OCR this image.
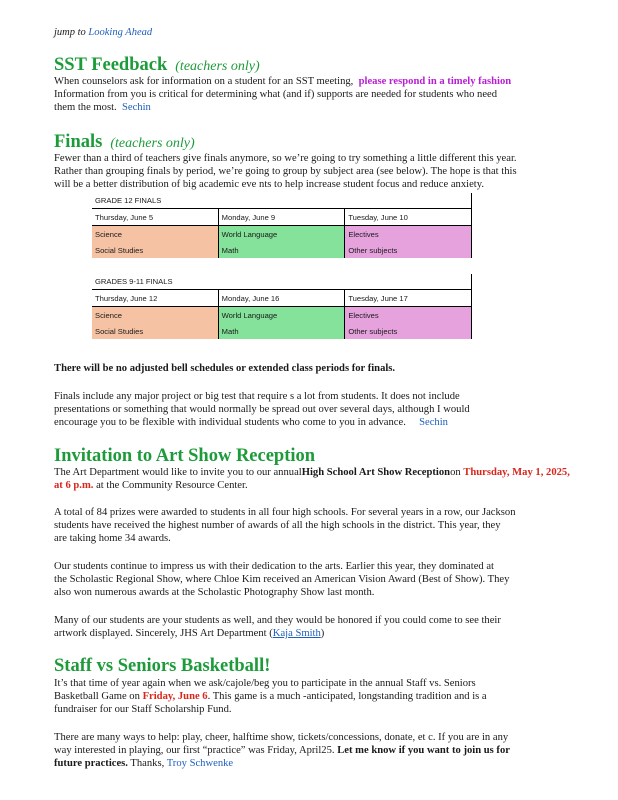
jump to Looking Ahead
SST Feedback (teachers only)

When counselors ask for information on a student for an SST meeting, please respond in a timely fashion

Information from you is critical for determining what (and if) supports are needed for students who need

them the most. Sechin

Finals (teachers only)

Fewer than a third of teachers give finals anymore, so we’re going to try something a little different this year.

Rather than grouping finals by period, we’re going to group by subject area (see below). The hope is that this

will be a better distribution of big academic eve nts to help increase student focus and reduce anxiety.

GRADE 12 FINALS		
Thursday, June 5	Monday, June 9	Tuesday, June 10
Science	World Language	Electives
Social Studies	Math	Other subjects
GRADES 9-11 FINALS		
Thursday, June 12	Monday, June 16	Tuesday, June 17
Science	World Language	Electives
Social Studies	Math	Other subjects
There will be no adjusted bell schedules or extended class periods for finals.

Finals include any major project or big test that require s a lot from students. It does not include

presentations or something that would normally be spread out over several days, although I would

encourage you to be flexible with individual students who come to you in advance. Sechin

Invitation to Art Show Reception

The Art Department would like to invite you to our annualHigh School Art Show Receptionon Thursday, May 1, 2025, at 6 p.m. at the Community Resource Center.

A total of 84 prizes were awarded to students in all four high schools. For several years in a row, our Jackson

students have received the highest number of awards of all the high schools in the district. This year, they

are taking home 34 awards.

Our students continue to impress us with their dedication to the arts. Earlier this year, they dominated at

the Scholastic Regional Show, where Chloe Kim received an American Vision Award (Best of Show). They

also won numerous awards at the Scholastic Photography Show last month.

Many of our students are your students as well, and they would be honored if you could come to see their

artwork displayed. Sincerely, JHS Art Department (Kaja Smith)

Staff vs Seniors Basketball!

It’s that time of year again when we ask/cajole/beg you to participate in the annual Staff vs. Seniors

Basketball Game on Friday, June 6. This game is a much -anticipated, longstanding tradition and is a

fundraiser for our Staff Scholarship Fund.

There are many ways to help: play, cheer, halftime show, tickets/concessions, donate, et c. If you are in any

way interested in playing, our first “practice” was Friday, April25. Let me know if you want to join us for

future practices. Thanks, Troy Schwenke
